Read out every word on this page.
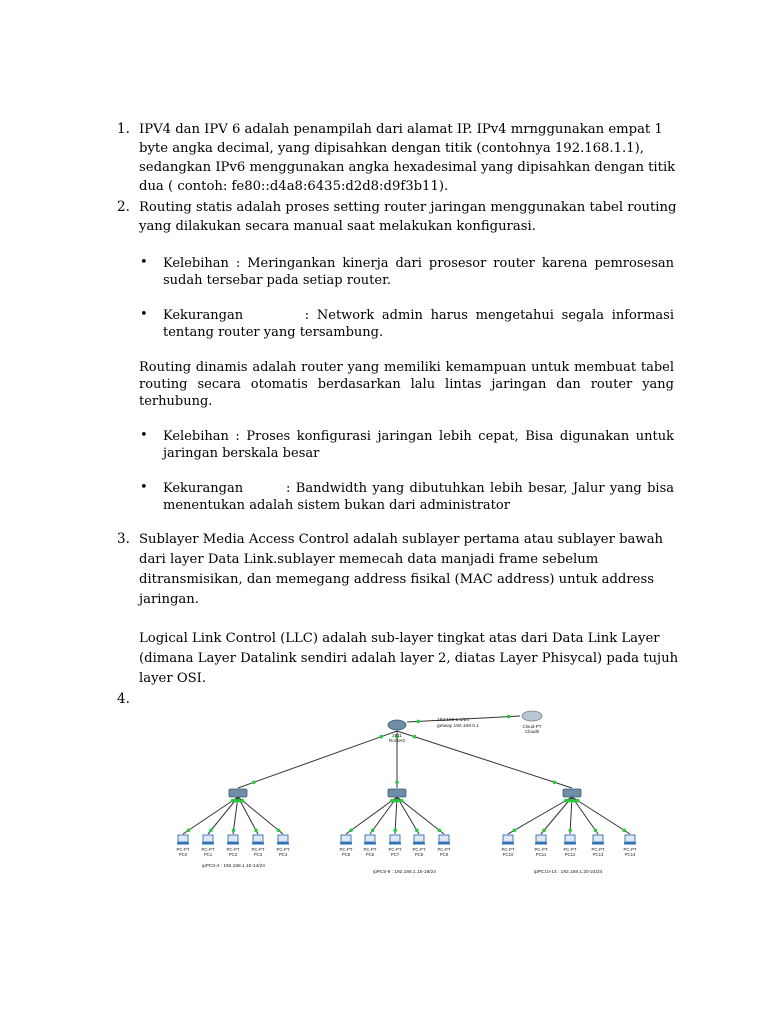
1. IPV4 dan IPV 6 adalah penampilah dari alamat IP. IPv4 mrnggunakan empat 1
byte angka decimal, yang dipisahkan dengan titik (contohnya 192.168.1.1),
sedangkan IPv6 menggunakan angka hexadesimal yang dipisahkan dengan titik
dua ( contoh: fe80::d4a8:6435:d2d8:d9f3b11).
2. Routing statis adalah proses setting router jaringan menggunakan tabel routing
yang dilakukan secara manual saat melakukan konfigurasi.
• Kelebihan : Meringankan kinerja dari prosesor router karena pemrosesan sudah tersebar pada setiap router.
• Kekurangan        : Network admin harus mengetahui segala informasi tentang router yang tersambung.
Routing dinamis adalah router yang memiliki kemampuan untuk membuat tabel routing secara otomatis berdasarkan lalu lintas jaringan dan router yang terhubung.
• Kelebihan : Proses konfigurasi jaringan lebih cepat, Bisa digunakan untuk jaringan berskala besar
• Kekurangan        : Bandwidth yang dibutuhkan lebih besar, Jalur yang bisa menentukan adalah sistem bukan dari administrator
3. Sublayer Media Access Control adalah sublayer pertama atau sublayer bawah
dari layer Data Link.sublayer memecah data manjadi frame sebelum
ditransmisikan, dan memegang address fisikal (MAC address) untuk address
jaringan.
Logical Link Control (LLC) adalah sub-layer tingkat atas dari Data Link Layer
(dimana Layer Datalink sendiri adalah layer 2, diatas Layer Phisycal) pada tujuh
layer OSI.
4.
2911
Router0
192.168.1.1/24
getway 192.168.0.1	Cloud-PT
Cloud0
PC-PT
PC0
PC-PT
PC1
PC-PT
PC2
PC-PT
PC3
PC-PT
PC4
PC-PT
PC5
PC-PT
PC6
PC-PT
PC7
PC-PT
PC8
PC-PT
PC9
PC-PT
PC10
PC-PT
PC11
PC-PT
PC12
PC-PT
PC13
PC-PT
PC14
ipPC0-4 : 192.168.1.10-14/24
ipPC5-9 : 192.168.1.15-19/24	ipPC10-14 : 192.168.1.20-24/24
